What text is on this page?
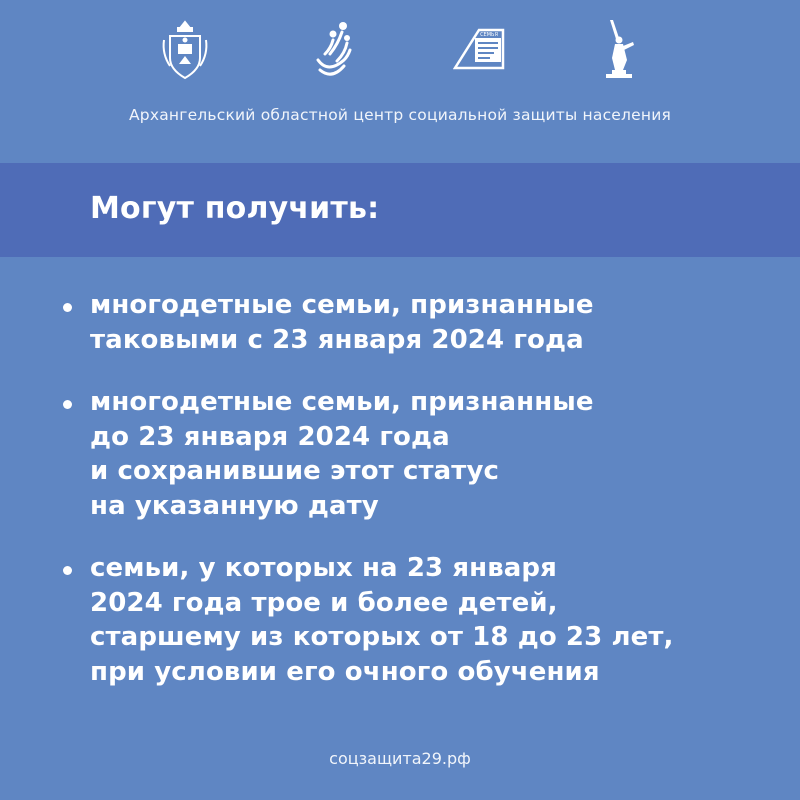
СЕМЬЯ
Архангельский областной центр социальной защиты населения
Могут получить:
многодетные семьи, признанные
таковыми с 23 января 2024 года
многодетные семьи, признанные
до 23 января 2024 года
и сохранившие этот статус
на указанную дату
семьи, у которых на 23 января
2024 года трое и более детей,
старшему из которых от 18 до 23 лет,
при условии его очного обучения
соцзащита29.рф
